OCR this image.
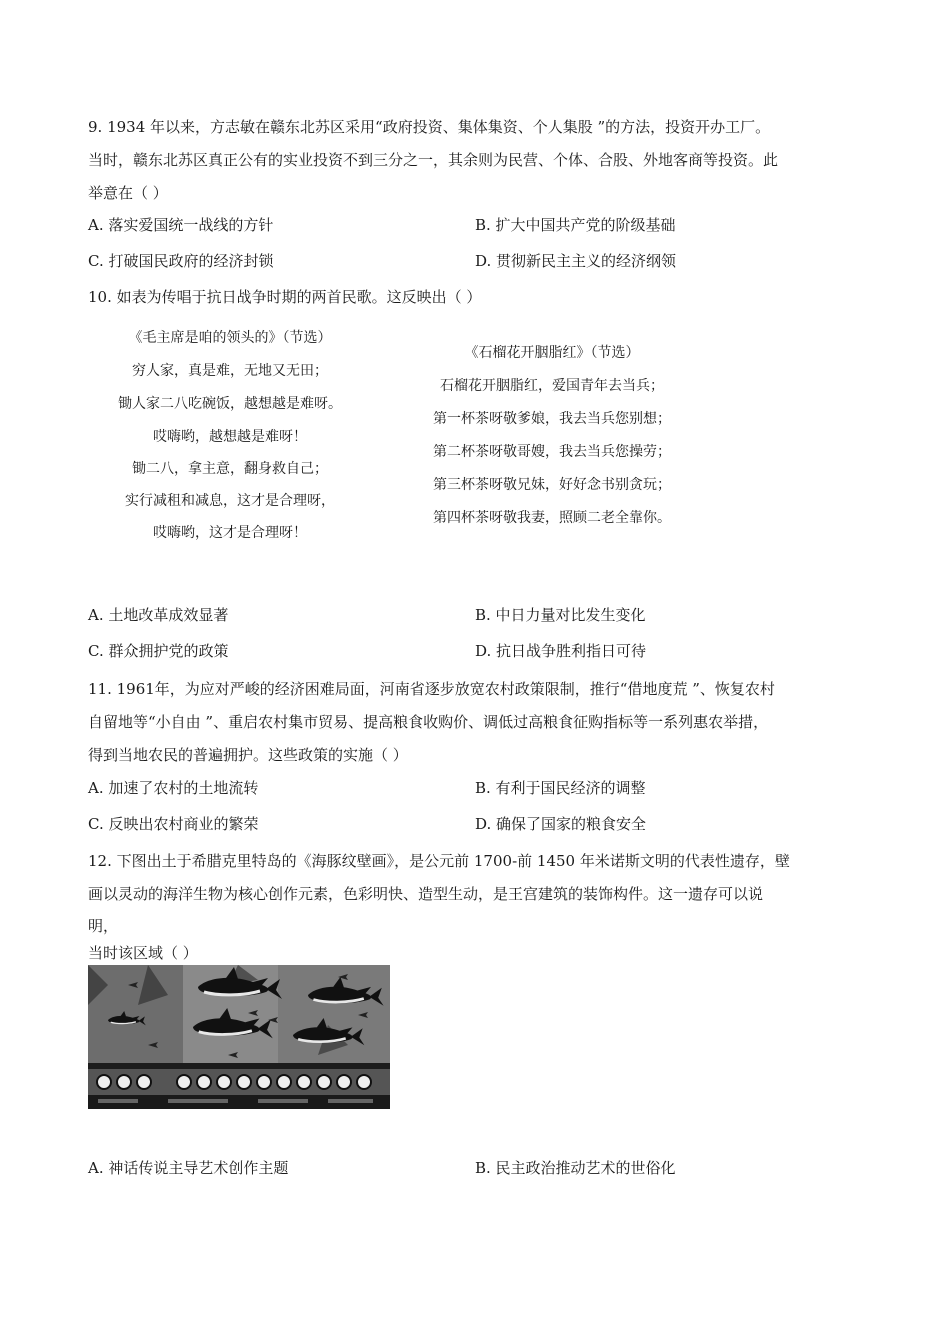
9. 1934 年以来，方志敏在赣东北苏区采用“政府投资、集体集资、个人集股 ”的方法，投资开办工厂。
当时，赣东北苏区真正公有的实业投资不到三分之一，其余则为民营、个体、合股、外地客商等投资。此
举意在（ ）
A. 落实爱国统一战线的方针	B. 扩大中国共产党的阶级基础
C. 打破国民政府的经济封锁	D. 贯彻新民主主义的经济纲领
10. 如表为传唱于抗日战争时期的两首民歌。这反映出（ ）
《毛主席是咱的领头的》（节选）
穷人家，真是难，无地又无田；
锄人家二八吃碗饭，越想越是难呀。
哎嗨哟，越想越是难呀！
锄二八，拿主意，翻身救自己；
实行减租和减息，这才是合理呀，
哎嗨哟，这才是合理呀！
《石榴花开胭脂红》（节选）
石榴花开胭脂红，爱国青年去当兵；
第一杯茶呀敬爹娘，我去当兵您别想；
第二杯茶呀敬哥嫂，我去当兵您操劳；
第三杯茶呀敬兄妹，好好念书别贪玩；
第四杯茶呀敬我妻，照顾二老全靠你。
A. 土地改革成效显著	B. 中日力量对比发生变化
C. 群众拥护党的政策	D. 抗日战争胜利指日可待
11. 1961年，为应对严峻的经济困难局面，河南省逐步放宽农村政策限制，推行“借地度荒 ”、恢复农村
自留地等“小自由 ”、重启农村集市贸易、提高粮食收购价、调低过高粮食征购指标等一系列惠农举措，
得到当地农民的普遍拥护。这些政策的实施（ ）
A. 加速了农村的土地流转	B. 有利于国民经济的调整
C. 反映出农村商业的繁荣	D. 确保了国家的粮食安全
12. 下图出土于希腊克里特岛的《海豚纹壁画》，是公元前 1700-前 1450 年米诺斯文明的代表性遗存，壁
画以灵动的海洋生物为核心创作元素，色彩明快、造型生动，是王宫建筑的装饰构件。这一遗存可以说
明，
当时该区域（ ）
A. 神话传说主导艺术创作主题	B. 民主政治推动艺术的世俗化
